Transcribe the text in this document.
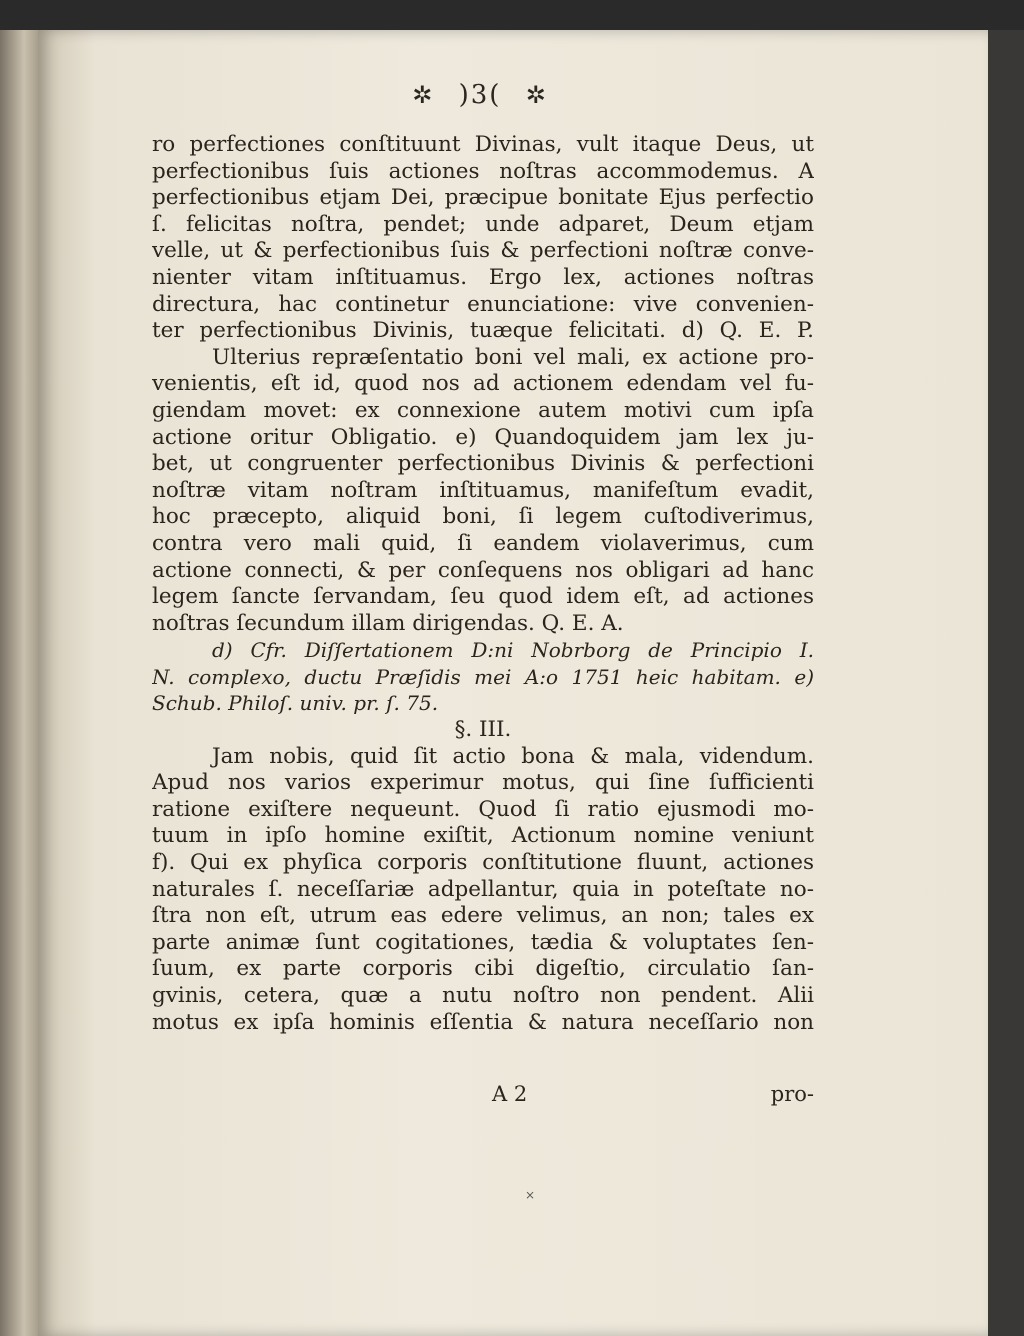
✲ )3( ✲
ro perfectiones conſtituunt Divinas, vult itaque Deus, ut
perfectionibus ſuis actiones noſtras accommodemus. A
perfectionibus etjam Dei, præcipue bonitate Ejus perfectio
ſ. felicitas noſtra, pendet; unde adparet, Deum etjam
velle, ut & perfectionibus ſuis & perfectioni noſtræ conve-
nienter vitam inſtituamus. Ergo lex, actiones noſtras
directura, hac continetur enunciatione: vive convenien-
ter perfectionibus Divinis, tuæque felicitati. d) Q. E. P.
Ulterius repræſentatio boni vel mali, ex actione pro-
venientis, eſt id, quod nos ad actionem edendam vel fu-
giendam movet: ex connexione autem motivi cum ipſa
actione oritur Obligatio. e) Quandoquidem jam lex ju-
bet, ut congruenter perfectionibus Divinis & perfectioni
noſtræ vitam noſtram inſtituamus, manifeſtum evadit,
hoc præcepto, aliquid boni, ſi legem cuſtodiverimus,
contra vero mali quid, ſi eandem violaverimus, cum
actione connecti, & per conſequens nos obligari ad hanc
legem ſancte ſervandam, ſeu quod idem eſt, ad actiones
noſtras ſecundum illam dirigendas. Q. E. A.
d) Cfr. Diſſertationem D:ni Nobrborg de Principio I.
N. complexo, ductu Præſidis mei A:o 1751 heic habitam. e)
Schub. Philoſ. univ. pr. ſ. 75.
§. III.
Jam nobis, quid ſit actio bona & mala, videndum.
Apud nos varios experimur motus, qui ſine ſufficienti
ratione exiſtere nequeunt. Quod ſi ratio ejusmodi mo-
tuum in ipſo homine exiſtit, Actionum nomine veniunt
f). Qui ex phyſica corporis conſtitutione fluunt, actiones
naturales ſ. neceſſariæ adpellantur, quia in poteſtate no-
ſtra non eſt, utrum eas edere velimus, an non; tales ex
parte animæ ſunt cogitationes, tædia & voluptates ſen-
ſuum, ex parte corporis cibi digeſtio, circulatio ſan-
gvinis, cetera, quæ a nutu noſtro non pendent. Alii
motus ex ipſa hominis eſſentia & natura neceſſario non
A 2	pro-
×
